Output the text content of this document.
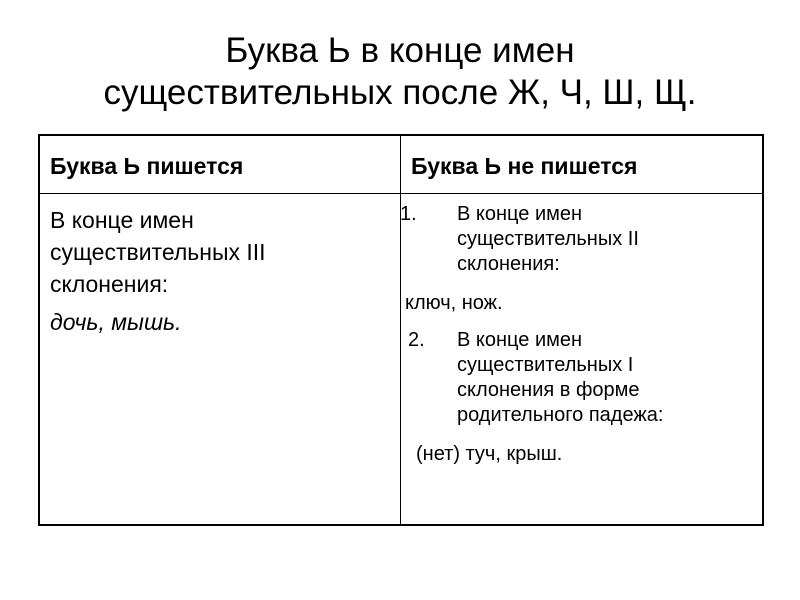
Буква Ь в конце имен
существительных после Ж, Ч, Ш, Щ.
Буква Ь пишется	Буква Ь не пишется
В конце имен
существительных III
склонения:
дочь, мышь.
1. В конце имен
существительных II
склонения:
ключ, нож.
2. В конце имен
существительных I
склонения в форме
родительного падежа:
(нет) туч, крыш.
